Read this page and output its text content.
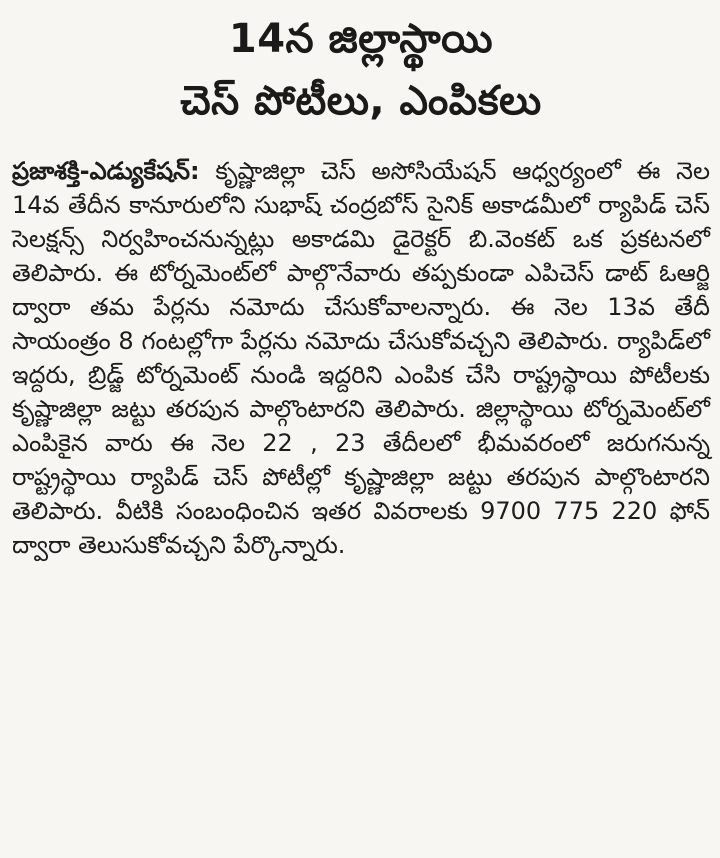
14న జిల్లాస్థాయి
చెస్ పోటీలు, ఎంపికలు

ప్రజాశక్తి-ఎడ్యుకేషన్: కృష్ణాజిల్లా చెస్ అసోసియేషన్ ఆధ్వర్యంలో ఈ నెల 14వ తేదీన కానూరులోని సుభాష్ చంద్రబోస్ సైనిక్ అకాడమీలో ర్యాపిడ్ చెస్ సెలక్షన్స్ నిర్వహించనున్నట్లు అకాడమి డైరెక్టర్ బి.వెంకట్ ఒక ప్రకటనలో తెలిపారు. ఈ టోర్నమెంట్‌లో పాల్గొనేవారు తప్పకుండా ఎపిచెస్ డాట్ ఓఆర్జి ద్వారా తమ పేర్లను నమోదు చేసుకోవాలన్నారు. ఈ నెల 13వ తేదీ సాయంత్రం 8 గంటల్లోగా పేర్లను నమోదు చేసుకోవచ్చని తెలిపారు. ర్యాపిడ్‌లో ఇద్దరు, బ్రిడ్జ్ టోర్నమెంట్ నుండి ఇద్దరిని ఎంపిక చేసి రాష్ట్రస్థాయి పోటీలకు కృష్ణాజిల్లా జట్టు తరపున పాల్గొంటారని తెలిపారు. జిల్లాస్థాయి టోర్నమెంట్‌లో ఎంపికైన వారు ఈ నెల 22 , 23 తేదీలలో భీమవరంలో జరుగనున్న రాష్ట్రస్థాయి ర్యాపిడ్ చెస్ పోటీల్లో కృష్ణాజిల్లా జట్టు తరపున పాల్గొంటారని తెలిపారు. వీటికి సంబంధించిన ఇతర వివరాలకు 9700 775 220 ఫోన్ ద్వారా తెలుసుకోవచ్చని పేర్కొన్నారు.
